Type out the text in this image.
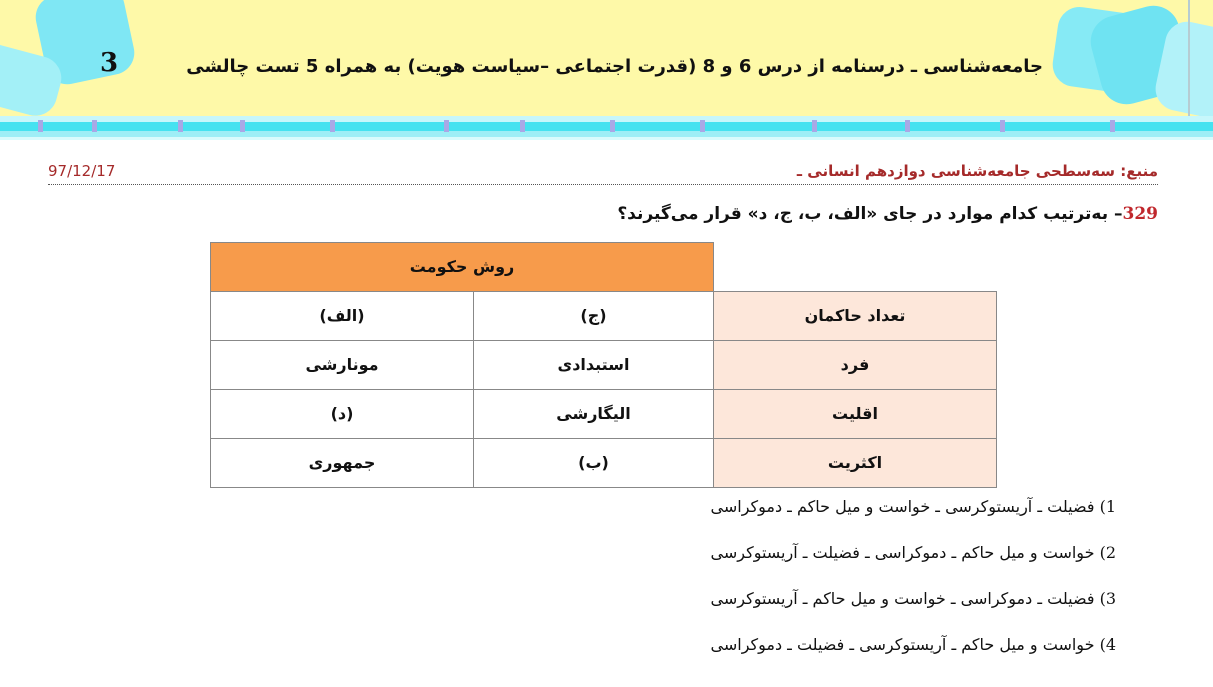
3	جامعه‌شناسی ـ درسنامه از درس 6 و 8 (قدرت اجتماعی –سیاست هویت) به همراه 5 تست چالشی
منبع: سه‌سطحی جامعه‌شناسی دوازدهم انسانی ـ
97/12/17
329– به‌ترتیب کدام موارد در جای «الف، ب، ج، د» قرار می‌گیرند؟
روش حکومت		
(الف)	(ج)	تعداد حاکمان
مونارشی	استبدادی	فرد
(د)	الیگارشی	اقلیت
جمهوری	(ب)	اکثریت
1) فضیلت ـ آریستوکرسی ـ خواست و میل حاکم ـ دموکراسی
2) خواست و میل حاکم ـ دموکراسی ـ فضیلت ـ آریستوکرسی
3) فضیلت ـ دموکراسی ـ خواست و میل حاکم ـ آریستوکرسی
4) خواست و میل حاکم ـ آریستوکرسی ـ فضیلت ـ دموکراسی
